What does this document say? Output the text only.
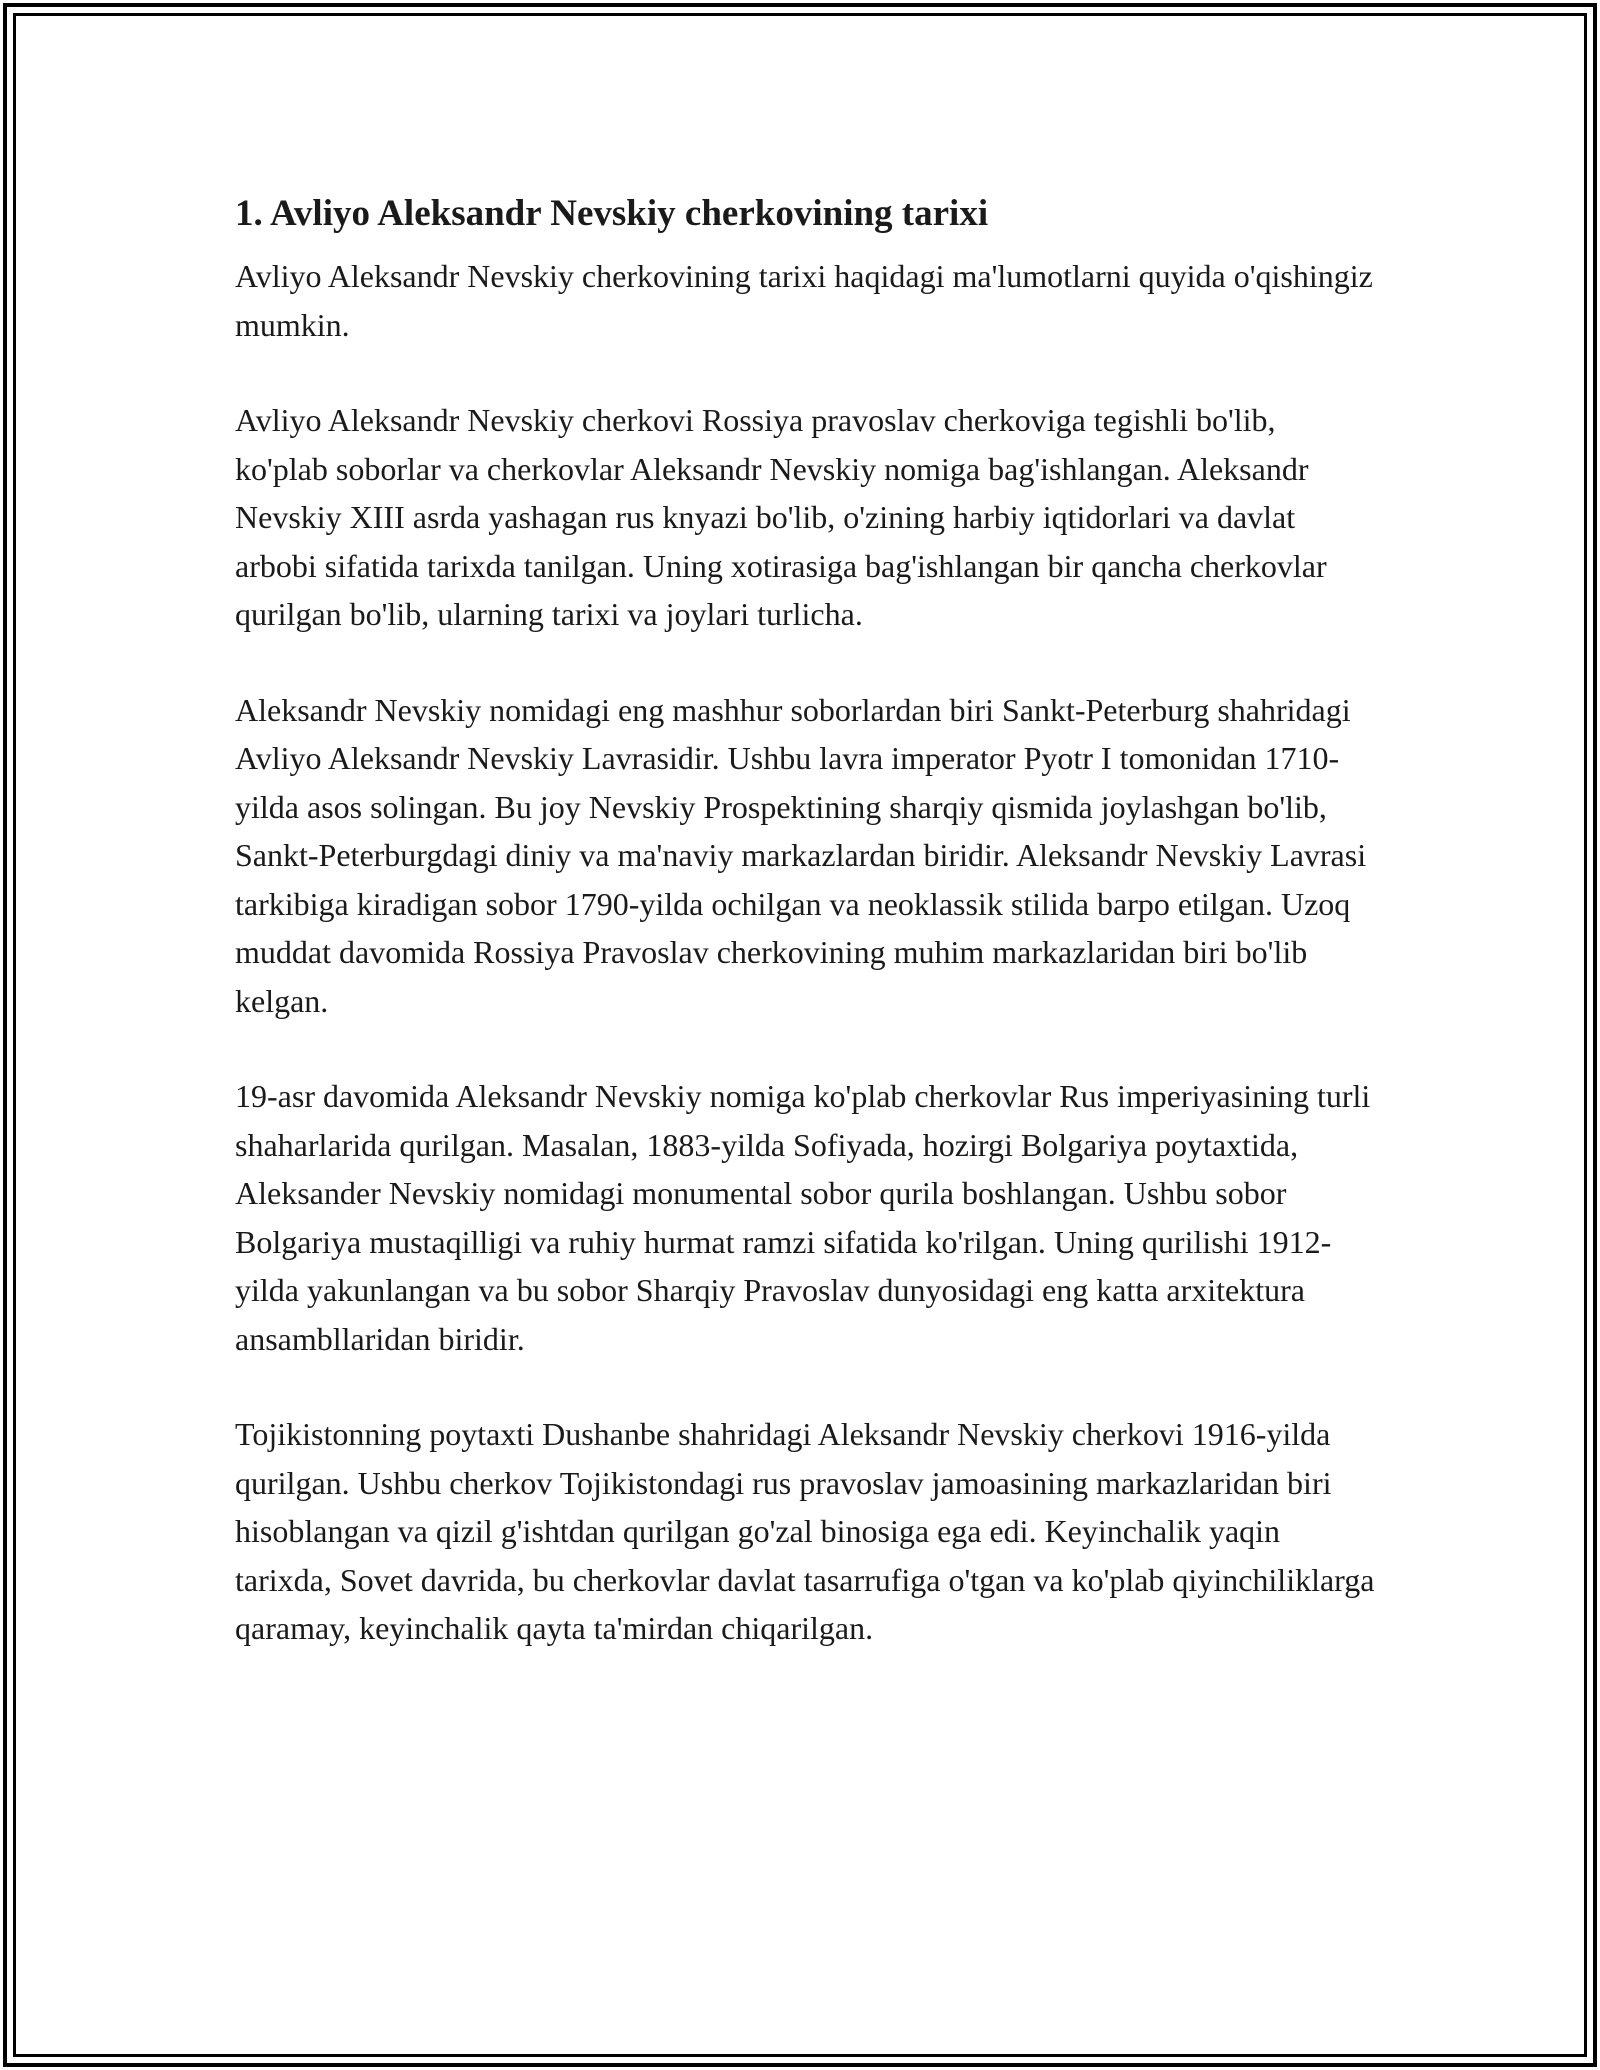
1. Avliyo Aleksandr Nevskiy cherkovining tarixi

Avliyo Aleksandr Nevskiy cherkovining tarixi haqidagi ma'lumotlarni quyida o'qishingiz mumkin.

Avliyo Aleksandr Nevskiy cherkovi Rossiya pravoslav cherkoviga tegishli bo'lib, ko'plab soborlar va cherkovlar Aleksandr Nevskiy nomiga bag'ishlangan. Aleksandr Nevskiy XIII asrda yashagan rus knyazi bo'lib, o'zining harbiy iqtidorlari va davlat arbobi sifatida tarixda tanilgan. Uning xotirasiga bag'ishlangan bir qancha cherkovlar qurilgan bo'lib, ularning tarixi va joylari turlicha.

Aleksandr Nevskiy nomidagi eng mashhur soborlardan biri Sankt-Peterburg shahridagi Avliyo Aleksandr Nevskiy Lavrasidir. Ushbu lavra imperator Pyotr I tomonidan 1710-yilda asos solingan. Bu joy Nevskiy Prospektining sharqiy qismida joylashgan bo'lib, Sankt-Peterburgdagi diniy va ma'naviy markazlardan biridir. Aleksandr Nevskiy Lavrasi tarkibiga kiradigan sobor 1790-yilda ochilgan va neoklassik stilida barpo etilgan. Uzoq muddat davomida Rossiya Pravoslav cherkovining muhim markazlaridan biri bo'lib kelgan.

19-asr davomida Aleksandr Nevskiy nomiga ko'plab cherkovlar Rus imperiyasining turli shaharlarida qurilgan. Masalan, 1883-yilda Sofiyada, hozirgi Bolgariya poytaxtida, Aleksander Nevskiy nomidagi monumental sobor qurila boshlangan. Ushbu sobor Bolgariya mustaqilligi va ruhiy hurmat ramzi sifatida ko'rilgan. Uning qurilishi 1912-yilda yakunlangan va bu sobor Sharqiy Pravoslav dunyosidagi eng katta arxitektura ansambllaridan biridir.

Tojikistonning poytaxti Dushanbe shahridagi Aleksandr Nevskiy cherkovi 1916-yilda qurilgan. Ushbu cherkov Tojikistondagi rus pravoslav jamoasining markazlaridan biri hisoblangan va qizil g'ishtdan qurilgan go'zal binosiga ega edi. Keyinchalik yaqin tarixda, Sovet davrida, bu cherkovlar davlat tasarrufiga o'tgan va ko'plab qiyinchiliklarga qaramay, keyinchalik qayta ta'mirdan chiqarilgan.
